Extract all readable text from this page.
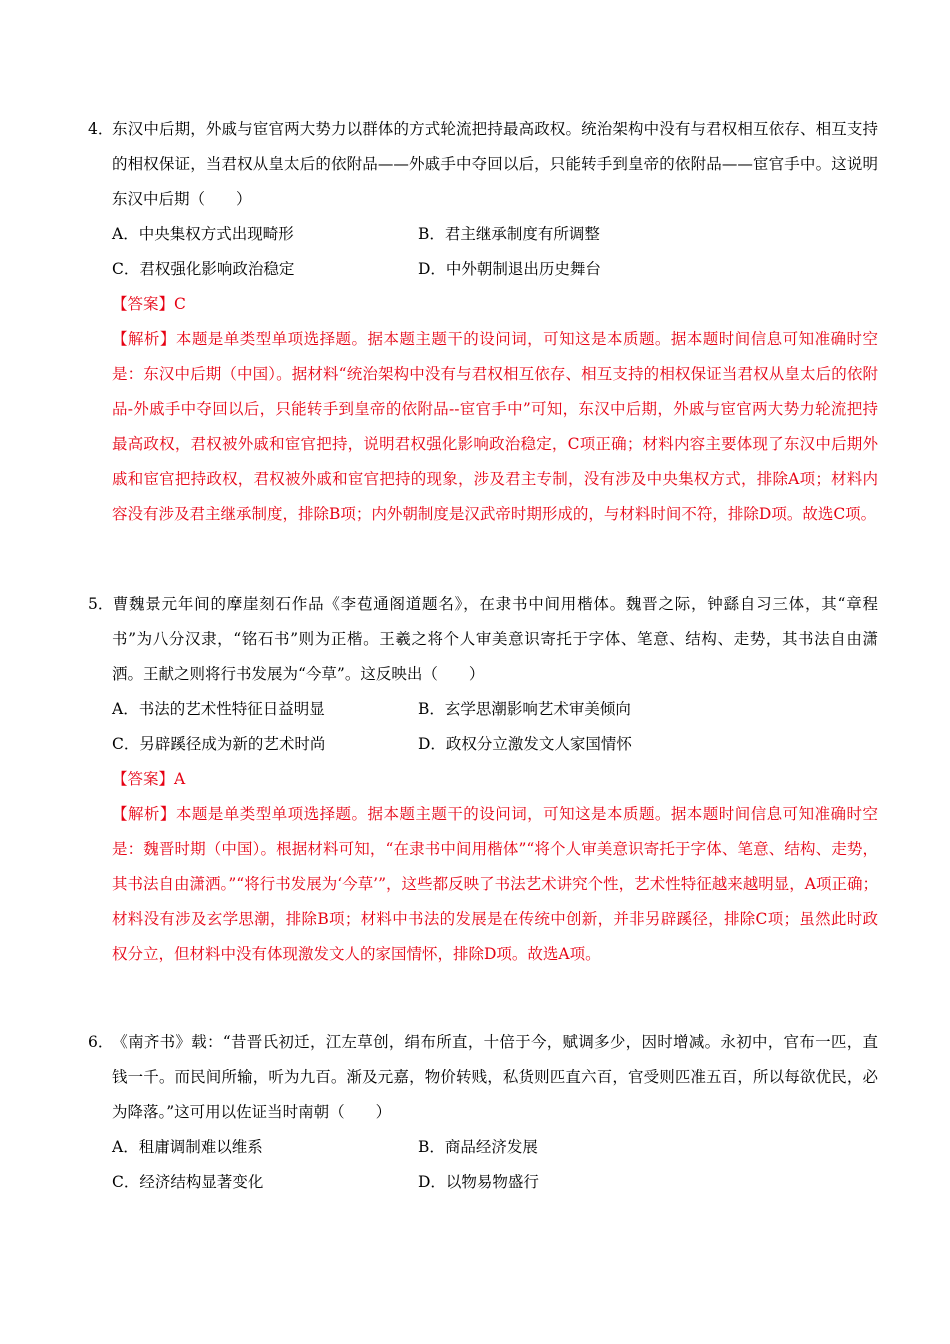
4．东汉中后期，外戚与宦官两大势力以群体的方式轮流把持最高政权。统治架构中没有与君权相互依存、相互支持的相权保证，当君权从皇太后的依附品——外戚手中夺回以后，只能转手到皇帝的依附品——宦官手中。这说明东汉中后期（　　）

A．中央集权方式出现畸形	B．君主继承制度有所调整
C．君权强化影响政治稳定	D．中外朝制退出历史舞台

【答案】C

【解析】本题是单类型单项选择题。据本题主题干的设问词，可知这是本质题。据本题时间信息可知准确时空是：东汉中后期（中国）。据材料“统治架构中没有与君权相互依存、相互支持的相权保证当君权从皇太后的依附品-外戚手中夺回以后，只能转手到皇帝的依附品--宦官手中”可知，东汉中后期，外戚与宦官两大势力轮流把持最高政权，君权被外戚和宦官把持，说明君权强化影响政治稳定，C项正确；材料内容主要体现了东汉中后期外戚和宦官把持政权，君权被外戚和宦官把持的现象，涉及君主专制，没有涉及中央集权方式，排除A项；材料内容没有涉及君主继承制度，排除B项；内外朝制度是汉武帝时期形成的，与材料时间不符，排除D项。故选C项。

5．曹魏景元年间的摩崖刻石作品《李苞通阁道题名》，在隶书中间用楷体。魏晋之际，钟繇自习三体，其“章程书”为八分汉隶，“铭石书”则为正楷。王羲之将个人审美意识寄托于字体、笔意、结构、走势，其书法自由潇洒。王献之则将行书发展为“今草”。这反映出（　　）

A．书法的艺术性特征日益明显	B．玄学思潮影响艺术审美倾向
C．另辟蹊径成为新的艺术时尚	D．政权分立激发文人家国情怀

【答案】A

【解析】本题是单类型单项选择题。据本题主题干的设问词，可知这是本质题。据本题时间信息可知准确时空是：魏晋时期（中国）。根据材料可知，“在隶书中间用楷体”“将个人审美意识寄托于字体、笔意、结构、走势，其书法自由潇洒。”“将行书发展为‘今草’”，这些都反映了书法艺术讲究个性，艺术性特征越来越明显，A项正确；材料没有涉及玄学思潮，排除B项；材料中书法的发展是在传统中创新，并非另辟蹊径，排除C项；虽然此时政权分立，但材料中没有体现激发文人的家国情怀，排除D项。故选A项。

6．《南齐书》载：“昔晋氏初迁，江左草创，绢布所直，十倍于今，赋调多少，因时增减。永初中，官布一匹，直钱一千。而民间所输，听为九百。渐及元嘉，物价转贱，私货则匹直六百，官受则匹准五百，所以每欲优民，必为降落。”这可用以佐证当时南朝（　　）

A．租庸调制难以维系	B．商品经济发展
C．经济结构显著变化	D．以物易物盛行
